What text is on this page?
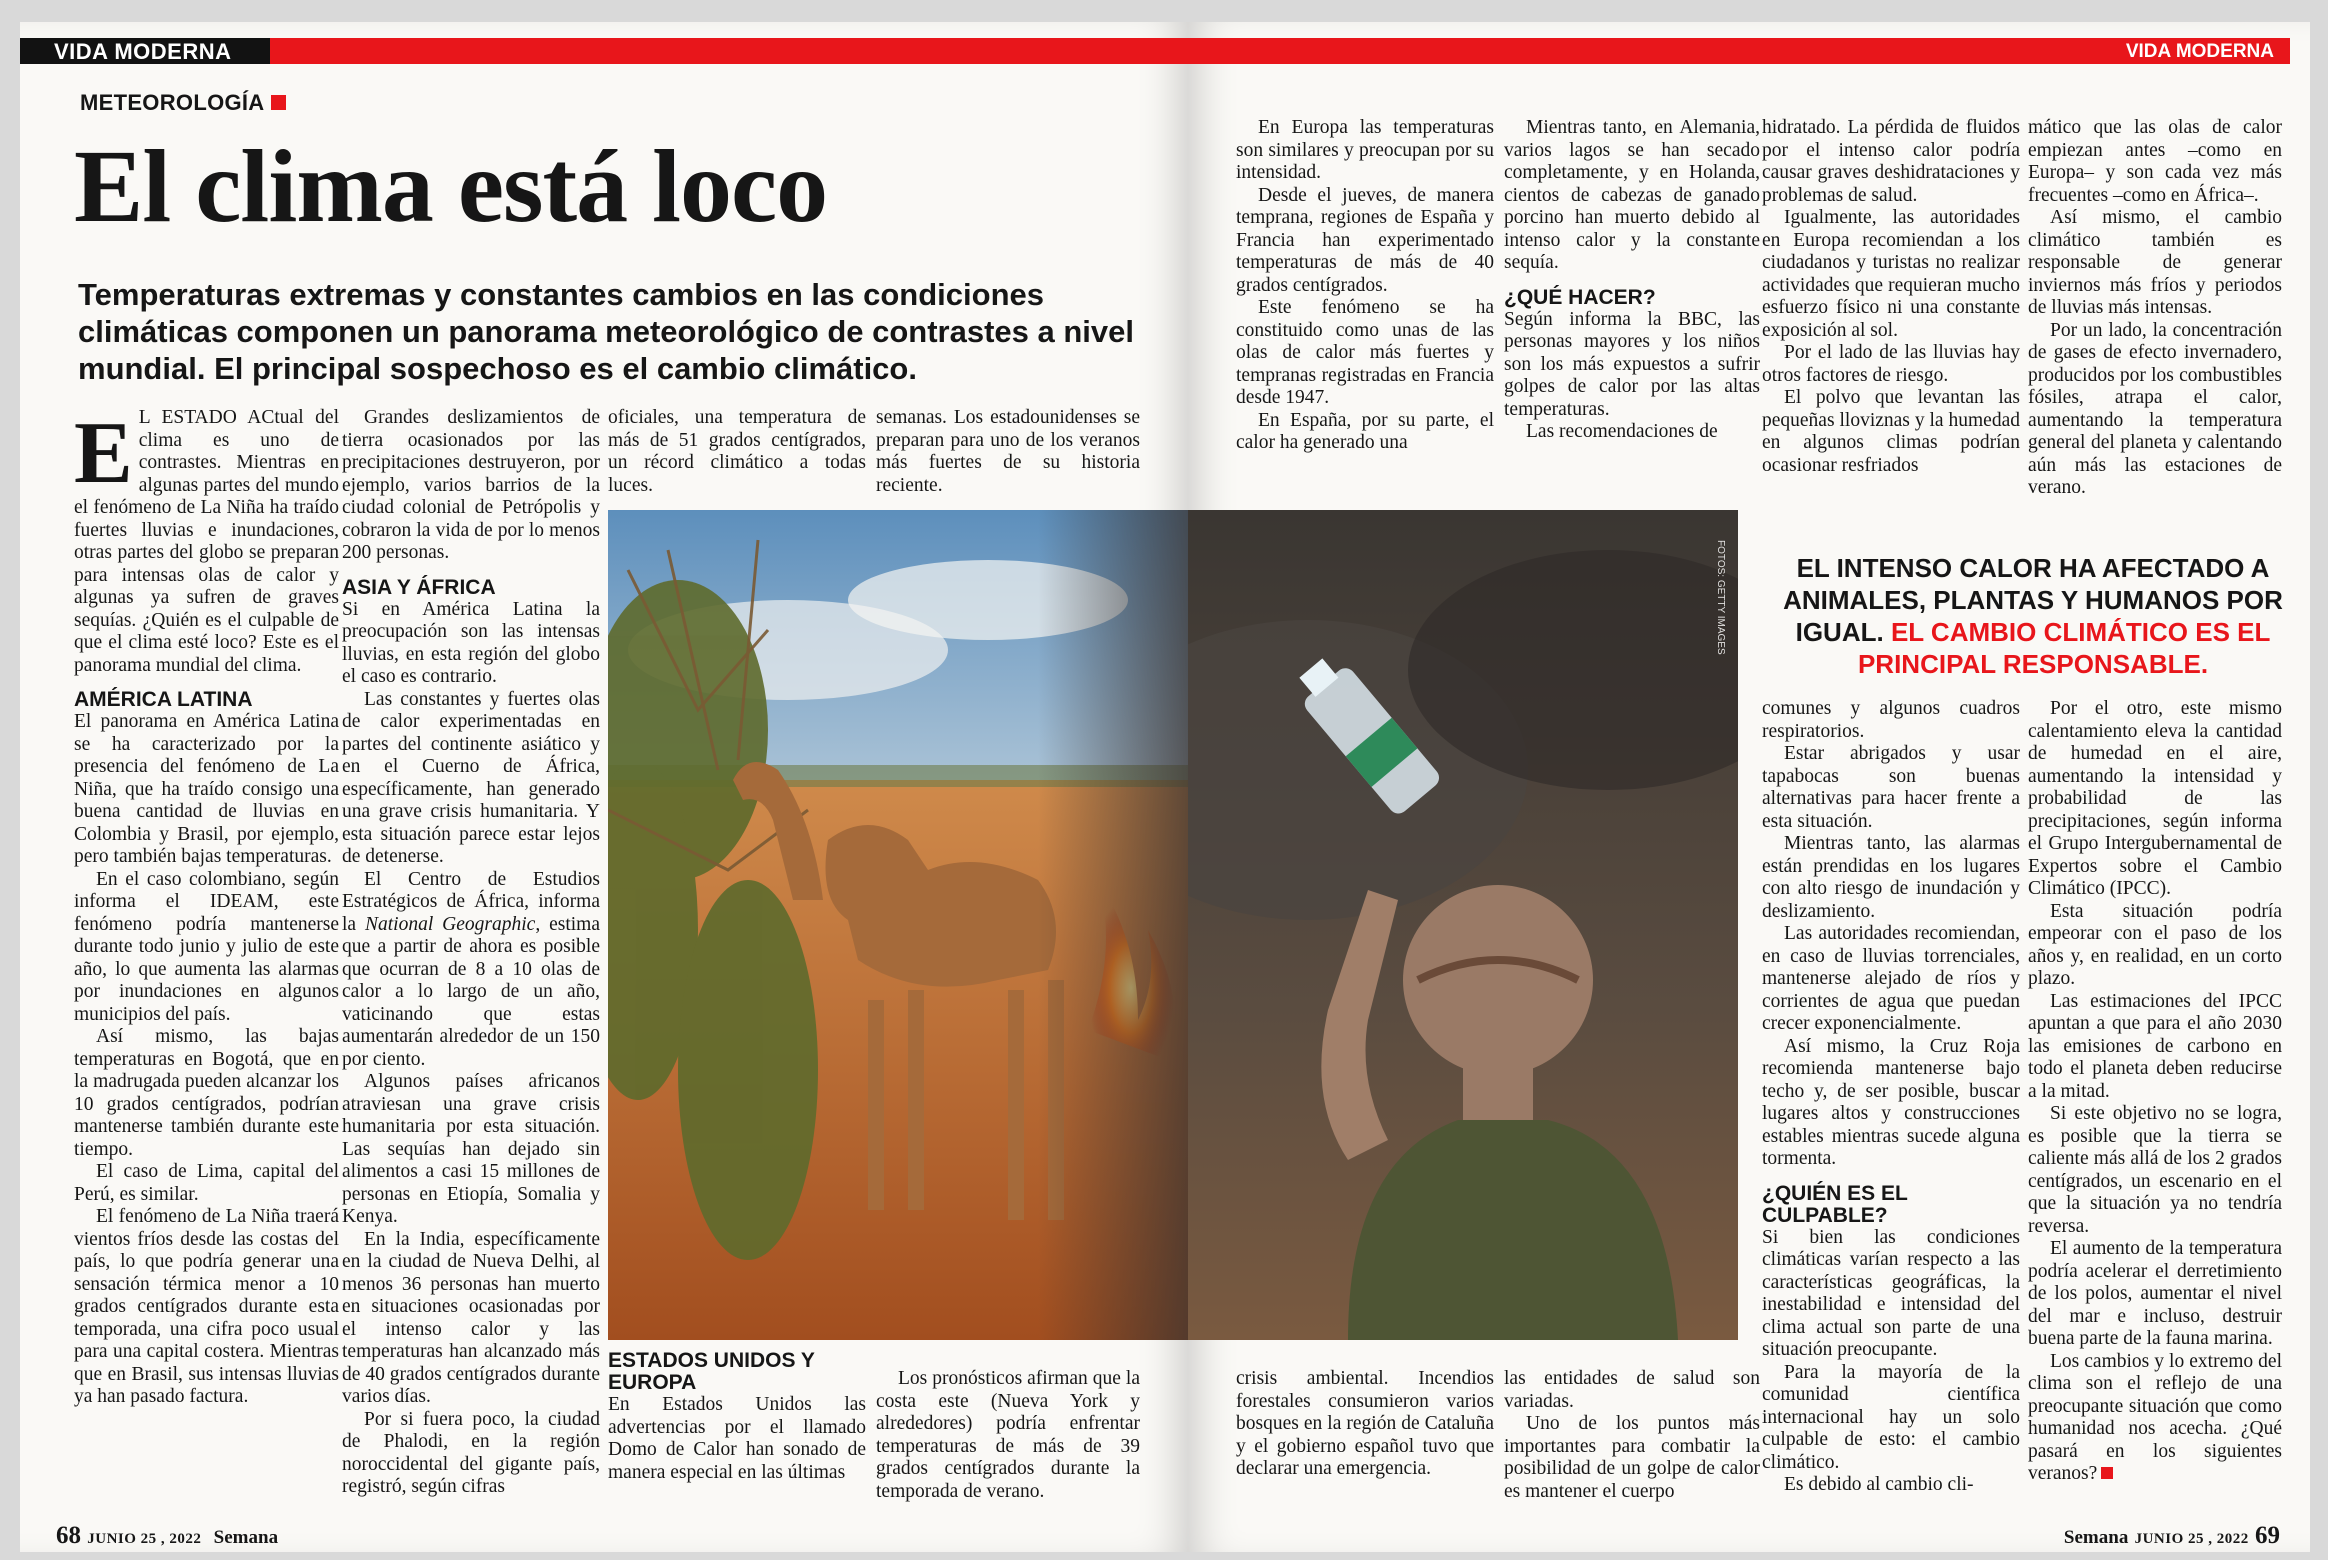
VIDA MODERNA
METEOROLOGÍA
El clima está loco
Temperaturas extremas y constantes cambios en las condiciones climáticas componen un panorama meteorológico de contrastes a nivel mundial. El principal sospechoso es el cambio climático.

E L ESTADO ACtual del clima es uno de contrastes. Mientras en algunas partes del mundo el fenómeno de La Niña ha traído fuertes lluvias e inundaciones, otras partes del globo se preparan para intensas olas de calor y algunas ya sufren de graves sequías. ¿Quién es el culpable de que el clima esté loco? Este es el panorama mundial del clima.

AMÉRICA LATINA

El panorama en América Latina se ha caracterizado por la presencia del fenómeno de La Niña, que ha traído consigo una buena cantidad de lluvias en Colombia y Brasil, por ejemplo, pero también bajas temperaturas.

En el caso colombiano, según informa el IDEAM, este fenómeno podría mantenerse durante todo junio y julio de este año, lo que aumenta las alarmas por inundaciones en algunos municipios del país.

Así mismo, las bajas temperaturas en Bogotá, que en la madrugada pueden alcanzar los 10 grados centígrados, podrían mantenerse también durante este tiempo.

El caso de Lima, capital del Perú, es similar.

El fenómeno de La Niña traerá vientos fríos desde las costas del país, lo que podría generar una sensación térmica menor a 10 grados centígrados durante esta temporada, una cifra poco usual para una capital costera. Mientras que en Brasil, sus intensas lluvias ya han pasado factura.

Grandes deslizamientos de tierra ocasionados por las precipitaciones destruyeron, por ejemplo, varios barrios de la ciudad colonial de Petrópolis y cobraron la vida de por lo menos 200 personas.

ASIA Y ÁFRICA

Si en América Latina la preocupación son las intensas lluvias, en esta región del globo el caso es contrario.

Las constantes y fuertes olas de calor experimentadas en partes del continente asiático y en el Cuerno de África, específicamente, han generado una grave crisis humanitaria. Y esta situación parece estar lejos de detenerse.

El Centro de Estudios Estratégicos de África, informa la National Geographic, estima que a partir de ahora es posible que ocurran de 8 a 10 olas de calor a lo largo de un año, vaticinando que estas aumentarán alrededor de un 150 por ciento.

Algunos países africanos atraviesan una grave crisis humanitaria por esta situación. Las sequías han dejado sin alimentos a casi 15 millones de personas en Etiopía, Somalia y Kenya.

En la India, específicamente en la ciudad de Nueva Delhi, al menos 36 personas han muerto en situaciones ocasionadas por el intenso calor y las temperaturas han alcanzado más de 40 grados centígrados durante varios días.

Por si fuera poco, la ciudad de Phalodi, en la región noroccidental del gigante país, registró, según cifras

oficiales, una temperatura de más de 51 grados centígrados, un récord climático a todas luces.

semanas. Los estadounidenses se preparan para uno de los veranos más fuertes de su historia reciente.

ESTADOS UNIDOS Y EUROPA

En Estados Unidos las advertencias por el llamado Domo de Calor han sonado de manera especial en las últimas

Los pronósticos afirman que la costa este (Nueva York y alrededores) podría enfrentar temperaturas de más de 39 grados centígrados durante la temporada de verano.

68 JUNIO 25 , 2022 Semana
VIDA MODERNA

En Europa las temperaturas son similares y preocupan por su intensidad.

Desde el jueves, de manera temprana, regiones de España y Francia han experimentado temperaturas de más de 40 grados centígrados.

Este fenómeno se ha constituido como unas de las olas de calor más fuertes y tempranas registradas en Francia desde 1947.

En España, por su parte, el calor ha generado una

Mientras tanto, en Alemania, varios lagos se han secado completamente, y en Holanda, cientos de cabezas de ganado porcino han muerto debido al intenso calor y la constante sequía.

¿QUÉ HACER?

Según informa la BBC, las personas mayores y los niños son los más expuestos a sufrir golpes de calor por las altas temperaturas.

Las recomendaciones de

hidratado. La pérdida de fluidos por el intenso calor podría causar graves deshidrataciones y problemas de salud.

Igualmente, las autoridades en Europa recomiendan a los ciudadanos y turistas no realizar actividades que requieran mucho esfuerzo físico ni una constante exposición al sol.

Por el lado de las lluvias hay otros factores de riesgo.

El polvo que levantan las pequeñas lloviznas y la humedad en algunos climas podrían ocasionar resfriados

mático que las olas de calor empiezan antes –como en Europa– y son cada vez más frecuentes –como en África–.

Así mismo, el cambio climático también es responsable de generar inviernos más fríos y periodos de lluvias más intensas.

Por un lado, la concentración de gases de efecto invernadero, producidos por los combustibles fósiles, atrapa el calor, aumentando la temperatura general del planeta y calentando aún más las estaciones de verano.

FOTOS: GETTY IMAGES	EL INTENSO CALOR HA AFECTADO A ANIMALES, PLANTAS Y HUMANOS POR IGUAL. EL CAMBIO CLIMÁTICO ES EL PRINCIPAL RESPONSABLE.

comunes y algunos cuadros respiratorios.

Estar abrigados y usar tapabocas son buenas alternativas para hacer frente a esta situación.

Mientras tanto, las alarmas están prendidas en los lugares con alto riesgo de inundación y deslizamiento.

Las autoridades recomiendan, en caso de lluvias torrenciales, mantenerse alejado de ríos y corrientes de agua que puedan crecer exponencialmente.

Así mismo, la Cruz Roja recomienda mantenerse bajo techo y, de ser posible, buscar lugares altos y construcciones estables mientras sucede alguna tormenta.

¿QUIÉN ES EL CULPABLE?

Si bien las condiciones climáticas varían respecto a las características geográficas, la inestabilidad e intensidad del clima actual son parte de una situación preocupante.

Para la mayoría de la comunidad científica internacional hay un solo culpable de esto: el cambio climático.

Es debido al cambio cli-

Por el otro, este mismo calentamiento eleva la cantidad de humedad en el aire, aumentando la intensidad y probabilidad de las precipitaciones, según informa el Grupo Intergubernamental de Expertos sobre el Cambio Climático (IPCC).

Esta situación podría empeorar con el paso de los años y, en realidad, en un corto plazo.

Las estimaciones del IPCC apuntan a que para el año 2030 las emisiones de carbono en todo el planeta deben reducirse a la mitad.

Si este objetivo no se logra, es posible que la tierra se caliente más allá de los 2 grados centígrados, un escenario en el que la situación ya no tendría reversa.

El aumento de la temperatura podría acelerar el derretimiento de los polos, aumentar el nivel del mar e incluso, destruir buena parte de la fauna marina.

Los cambios y lo extremo del clima son el reflejo de una preocupante situación que como humanidad nos acecha. ¿Qué pasará en los siguientes veranos?

crisis ambiental. Incendios forestales consumieron varios bosques en la región de Cataluña y el gobierno español tuvo que declarar una emergencia.

las entidades de salud son variadas.

Uno de los puntos más importantes para combatir la posibilidad de un golpe de calor es mantener el cuerpo

Semana JUNIO 25 , 2022 69
